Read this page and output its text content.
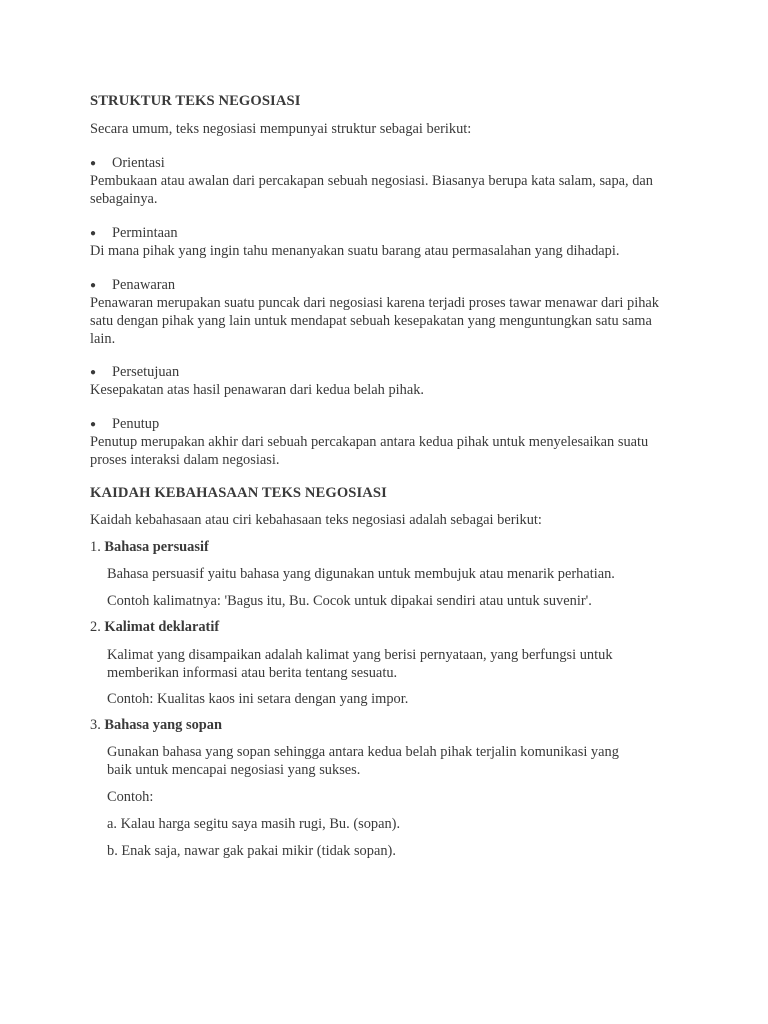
STRUKTUR TEKS NEGOSIASI

Secara umum, teks negosiasi mempunyai struktur sebagai berikut:

●	Orientasi

Pembukaan atau awalan dari percakapan sebuah negosiasi. Biasanya berupa kata salam, sapa, dan sebagainya.

●	Permintaan

Di mana pihak yang ingin tahu menanyakan suatu barang atau permasalahan yang dihadapi.

●	Penawaran

Penawaran merupakan suatu puncak dari negosiasi karena terjadi proses tawar menawar dari pihak satu dengan pihak yang lain untuk mendapat sebuah kesepakatan yang menguntungkan satu sama lain.

●	Persetujuan

Kesepakatan atas hasil penawaran dari kedua belah pihak.

●	Penutup

Penutup merupakan akhir dari sebuah percakapan antara kedua pihak untuk menyelesaikan suatu proses interaksi dalam negosiasi.

KAIDAH KEBAHASAAN TEKS NEGOSIASI

Kaidah kebahasaan atau ciri kebahasaan teks negosiasi adalah sebagai berikut:

1. Bahasa persuasif

Bahasa persuasif yaitu bahasa yang digunakan untuk membujuk atau menarik perhatian.

Contoh kalimatnya: 'Bagus itu, Bu. Cocok untuk dipakai sendiri atau untuk suvenir'.

2. Kalimat deklaratif

Kalimat yang disampaikan adalah kalimat yang berisi pernyataan, yang berfungsi untuk memberikan informasi atau berita tentang sesuatu.

Contoh: Kualitas kaos ini setara dengan yang impor.

3. Bahasa yang sopan

Gunakan bahasa yang sopan sehingga antara kedua belah pihak terjalin komunikasi yang baik untuk mencapai negosiasi yang sukses.

Contoh:

a. Kalau harga segitu saya masih rugi, Bu. (sopan).

b. Enak saja, nawar gak pakai mikir (tidak sopan).
